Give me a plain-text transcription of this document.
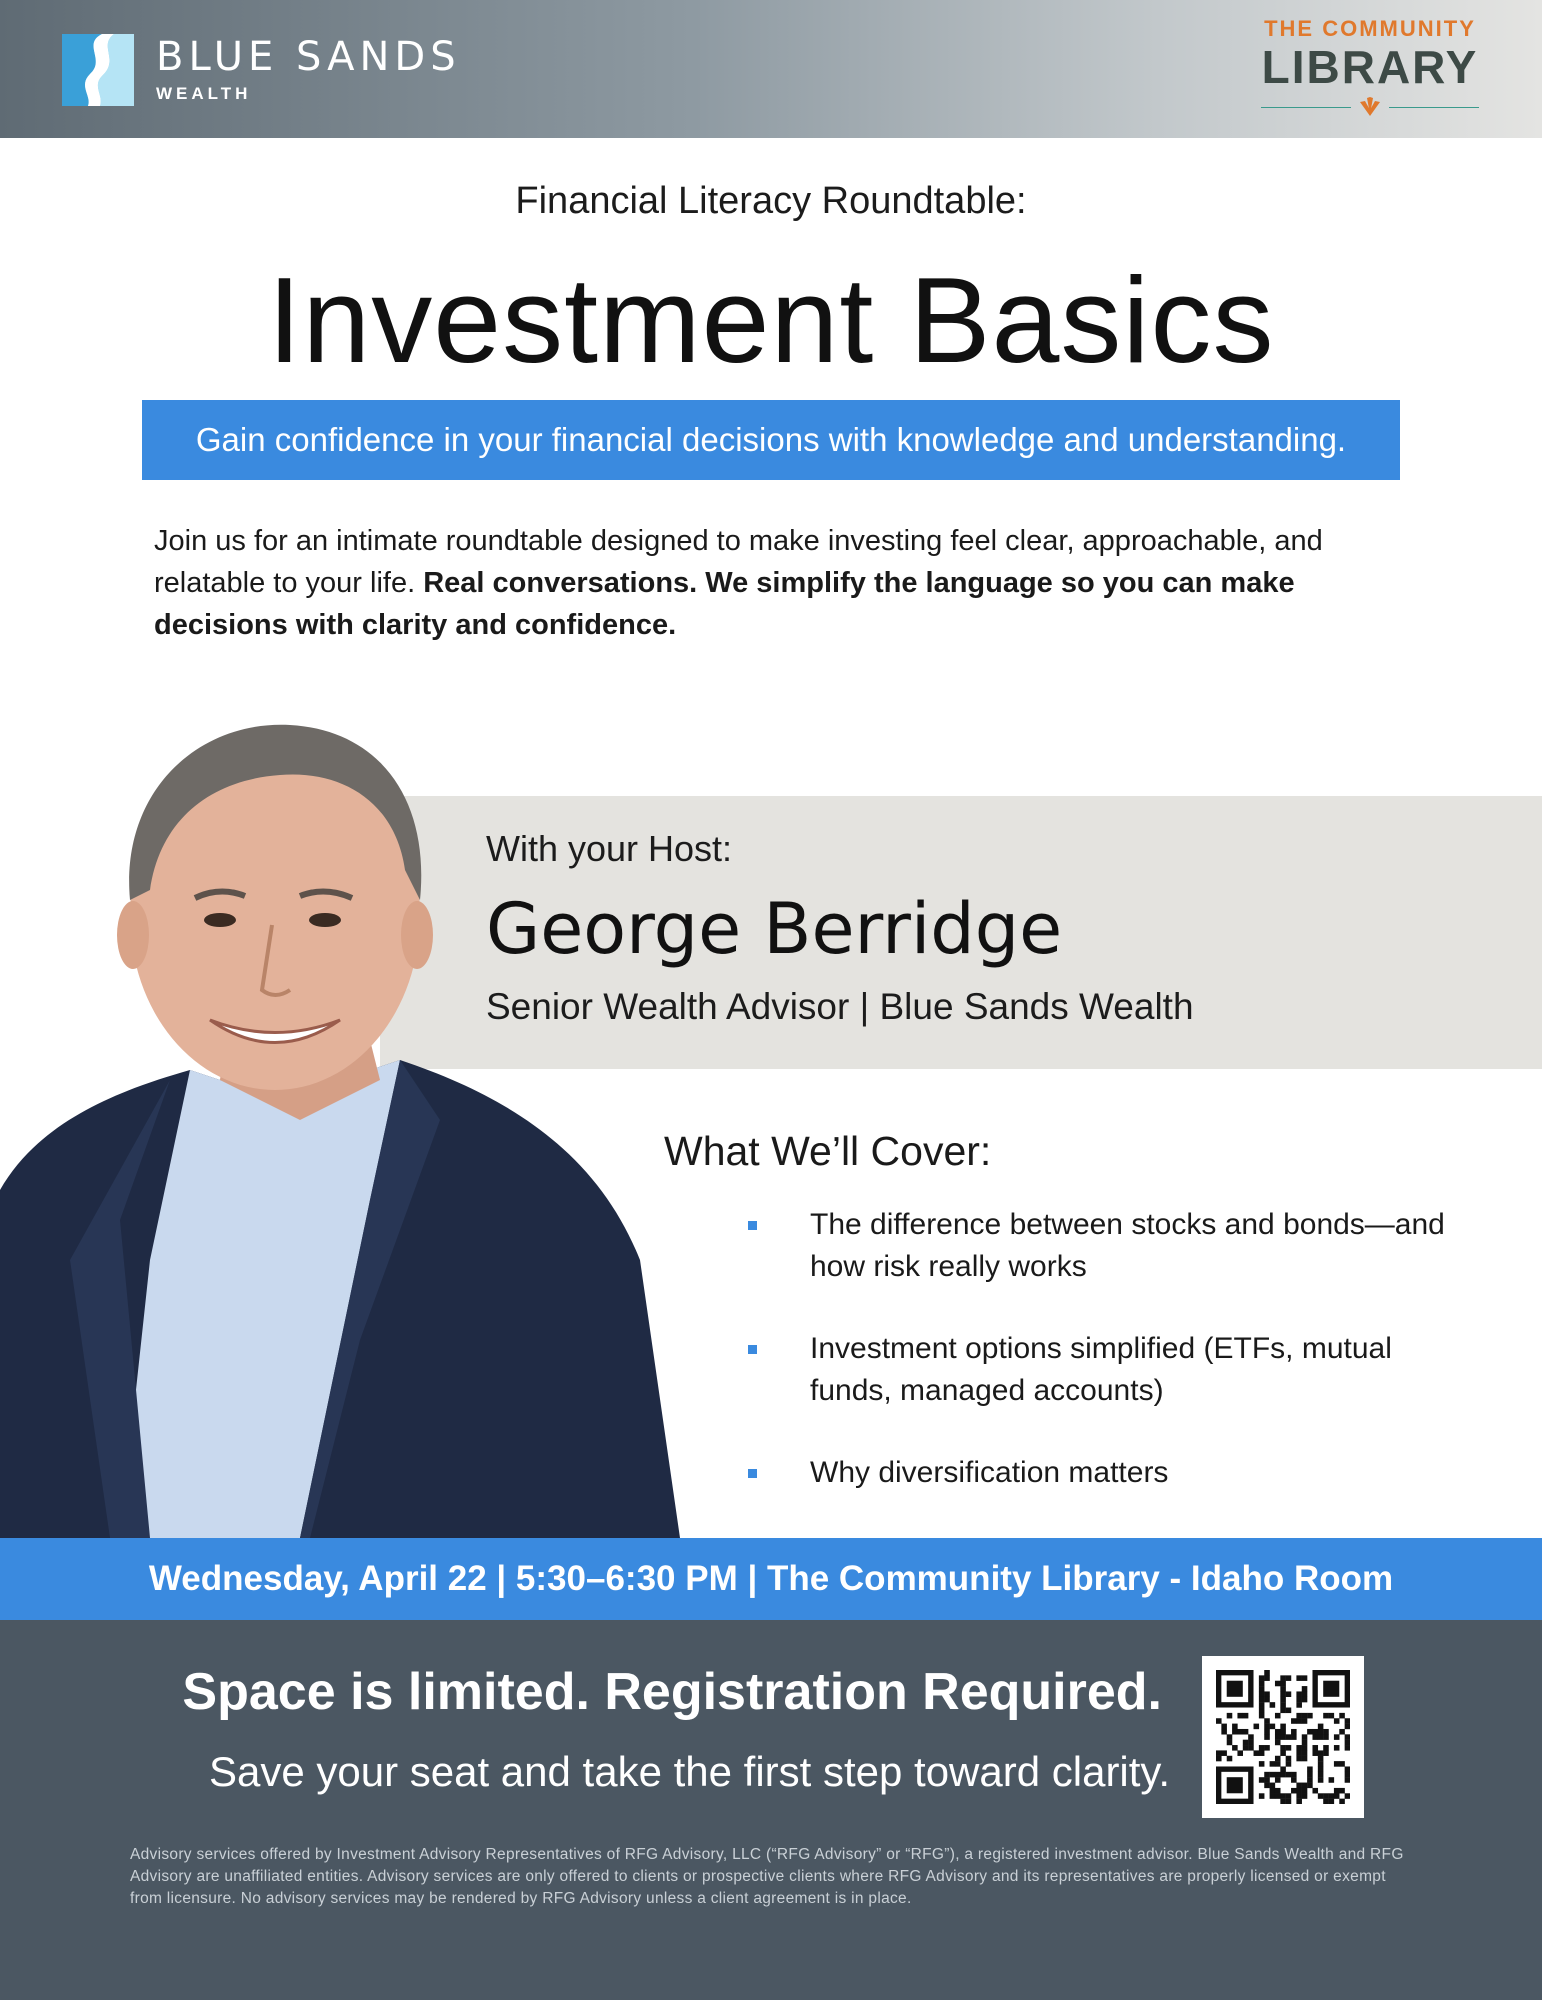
BLUE SANDS
WEALTH
THE COMMUNITY
LIBRARY
Financial Literacy Roundtable:
Investment Basics
Gain confidence in your financial decisions with knowledge and understanding.
Join us for an intimate roundtable designed to make investing feel clear, approachable, and relatable to your life. Real conversations. We simplify the language so you can make decisions with clarity and confidence.
With your Host:
George Berridge
Senior Wealth Advisor | Blue Sands Wealth
What We’ll Cover:
The difference between stocks and bonds—and how risk really works
Investment options simplified (ETFs, mutual funds, managed accounts)
Why diversification matters
Wednesday, April 22 | 5:30–6:30 PM | The Community Library - Idaho Room
Space is limited. Registration Required.
Save your seat and take the first step toward clarity.
Advisory services offered by Investment Advisory Representatives of RFG Advisory, LLC (“RFG Advisory” or “RFG”), a registered investment advisor. Blue Sands Wealth and RFG Advisory are unaffiliated entities. Advisory services are only offered to clients or prospective clients where RFG Advisory and its representatives are properly licensed or exempt from licensure. No advisory services may be rendered by RFG Advisory unless a client agreement is in place.
